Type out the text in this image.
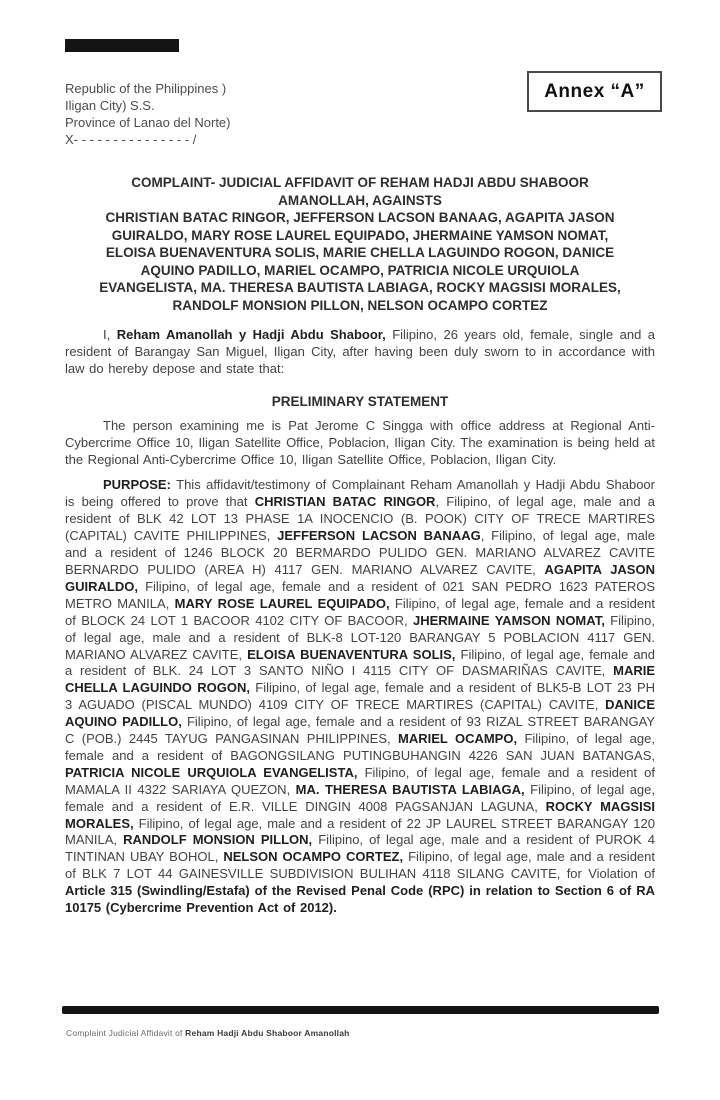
Annex “A”
Republic of the Philippines )
Iligan City) S.S.
Province of Lanao del Norte)
X- - - - - - - - - - - - - - - /
COMPLAINT- JUDICIAL AFFIDAVIT OF REHAM HADJI ABDU SHABOOR
AMANOLLAH, AGAINSTS
CHRISTIAN BATAC RINGOR, JEFFERSON LACSON BANAAG, AGAPITA JASON
GUIRALDO, MARY ROSE LAUREL EQUIPADO, JHERMAINE YAMSON NOMAT,
ELOISA BUENAVENTURA SOLIS, MARIE CHELLA LAGUINDO ROGON, DANICE
AQUINO PADILLO, MARIEL OCAMPO, PATRICIA NICOLE URQUIOLA
EVANGELISTA, MA. THERESA BAUTISTA LABIAGA, ROCKY MAGSISI MORALES,
RANDOLF MONSION PILLON, NELSON OCAMPO CORTEZ

I, Reham Amanollah y Hadji Abdu Shaboor, Filipino, 26 years old, female, single and a resident of Barangay San Miguel, Iligan City, after having been duly sworn to in accordance with law do hereby depose and state that:

PRELIMINARY STATEMENT

The person examining me is Pat Jerome C Singga with office address at Regional Anti-Cybercrime Office 10, Iligan Satellite Office, Poblacion, Iligan City. The examination is being held at the Regional Anti-Cybercrime Office 10, Iligan Satellite Office, Poblacion, Iligan City.

PURPOSE: This affidavit/testimony of Complainant Reham Amanollah y Hadji Abdu Shaboor is being offered to prove that CHRISTIAN BATAC RINGOR, Filipino, of legal age, male and a resident of BLK 42 LOT 13 PHASE 1A INOCENCIO (B. POOK) CITY OF TRECE MARTIRES (CAPITAL) CAVITE PHILIPPINES, JEFFERSON LACSON BANAAG, Filipino, of legal age, male and a resident of 1246 BLOCK 20 BERMARDO PULIDO GEN. MARIANO ALVAREZ CAVITE BERNARDO PULIDO (AREA H) 4117 GEN. MARIANO ALVAREZ CAVITE, AGAPITA JASON GUIRALDO, Filipino, of legal age, female and a resident of 021 SAN PEDRO 1623 PATEROS METRO MANILA, MARY ROSE LAUREL EQUIPADO, Filipino, of legal age, female and a resident of BLOCK 24 LOT 1 BACOOR 4102 CITY OF BACOOR, JHERMAINE YAMSON NOMAT, Filipino, of legal age, male and a resident of BLK-8 LOT-120 BARANGAY 5 POBLACION 4117 GEN. MARIANO ALVAREZ CAVITE, ELOISA BUENAVENTURA SOLIS, Filipino, of legal age, female and a resident of BLK. 24 LOT 3 SANTO NIÑO I 4115 CITY OF DASMARIÑAS CAVITE, MARIE CHELLA LAGUINDO ROGON, Filipino, of legal age, female and a resident of BLK5-B LOT 23 PH 3 AGUADO (PISCAL MUNDO) 4109 CITY OF TRECE MARTIRES (CAPITAL) CAVITE, DANICE AQUINO PADILLO, Filipino, of legal age, female and a resident of 93 RIZAL STREET BARANGAY C (POB.) 2445 TAYUG PANGASINAN PHILIPPINES, MARIEL OCAMPO, Filipino, of legal age, female and a resident of BAGONGSILANG PUTINGBUHANGIN 4226 SAN JUAN BATANGAS, PATRICIA NICOLE URQUIOLA EVANGELISTA, Filipino, of legal age, female and a resident of MAMALA II 4322 SARIAYA QUEZON, MA. THERESA BAUTISTA LABIAGA, Filipino, of legal age, female and a resident of E.R. VILLE DINGIN 4008 PAGSANJAN LAGUNA, ROCKY MAGSISI MORALES, Filipino, of legal age, male and a resident of 22 JP LAUREL STREET BARANGAY 120 MANILA, RANDOLF MONSION PILLON, Filipino, of legal age, male and a resident of PUROK 4 TINTINAN UBAY BOHOL, NELSON OCAMPO CORTEZ, Filipino, of legal age, male and a resident of BLK 7 LOT 44 GAINESVILLE SUBDIVISION BULIHAN 4118 SILANG CAVITE, for Violation of Article 315 (Swindling/Estafa) of the Revised Penal Code (RPC) in relation to Section 6 of RA 10175 (Cybercrime Prevention Act of 2012).

Complaint Judicial Affidavit of Reham Hadji Abdu Shaboor Amanollah
